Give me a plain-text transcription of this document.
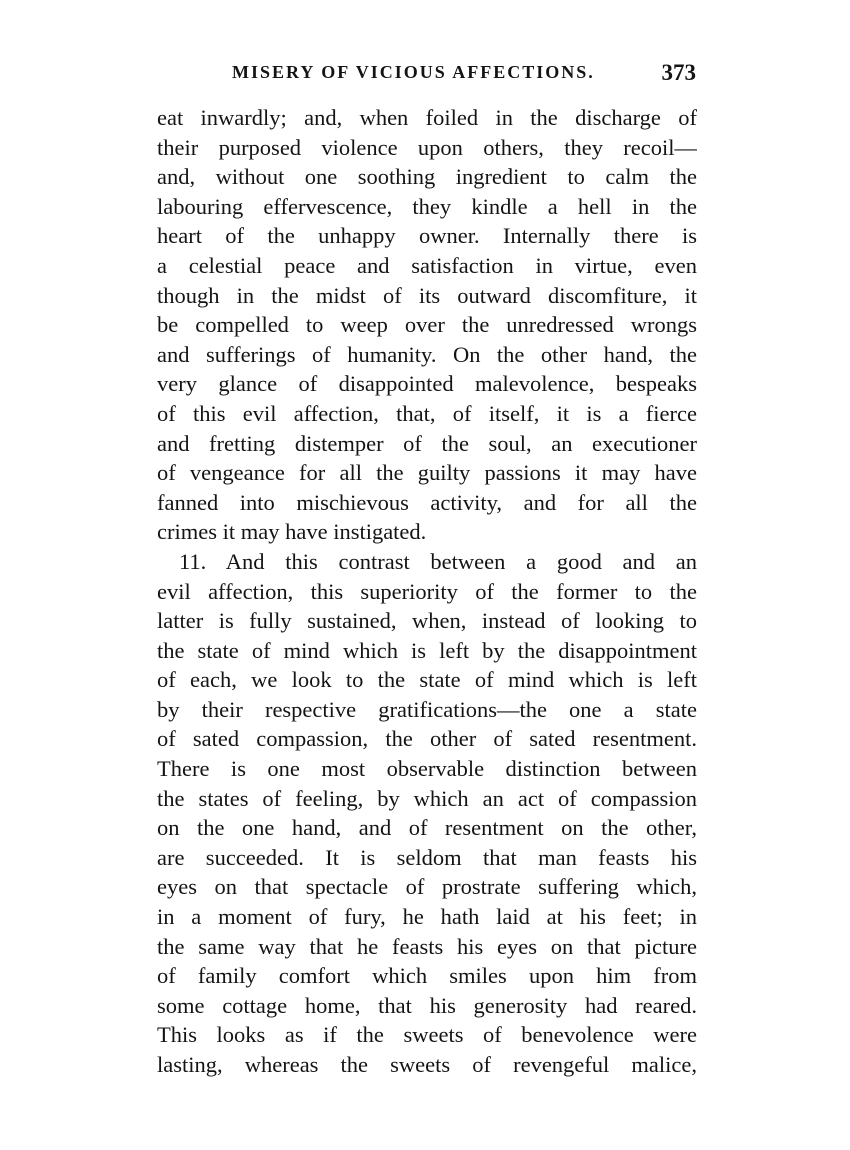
MISERY OF VICIOUS AFFECTIONS.	373
eat inwardly; and, when foiled in the discharge of
their purposed violence upon others, they recoil—
and, without one soothing ingredient to calm the
labouring effervescence, they kindle a hell in the
heart of the unhappy owner. Internally there is
a celestial peace and satisfaction in virtue, even
though in the midst of its outward discomfiture, it
be compelled to weep over the unredressed wrongs
and sufferings of humanity. On the other hand, the
very glance of disappointed malevolence, bespeaks
of this evil affection, that, of itself, it is a fierce
and fretting distemper of the soul, an executioner
of vengeance for all the guilty passions it may have
fanned into mischievous activity, and for all the
crimes it may have instigated.
11. And this contrast between a good and an
evil affection, this superiority of the former to the
latter is fully sustained, when, instead of looking to
the state of mind which is left by the disappointment
of each, we look to the state of mind which is left
by their respective gratifications—the one a state
of sated compassion, the other of sated resentment.
There is one most observable distinction between
the states of feeling, by which an act of compassion
on the one hand, and of resentment on the other,
are succeeded. It is seldom that man feasts his
eyes on that spectacle of prostrate suffering which,
in a moment of fury, he hath laid at his feet; in
the same way that he feasts his eyes on that picture
of family comfort which smiles upon him from
some cottage home, that his generosity had reared.
This looks as if the sweets of benevolence were
lasting, whereas the sweets of revengeful malice,
